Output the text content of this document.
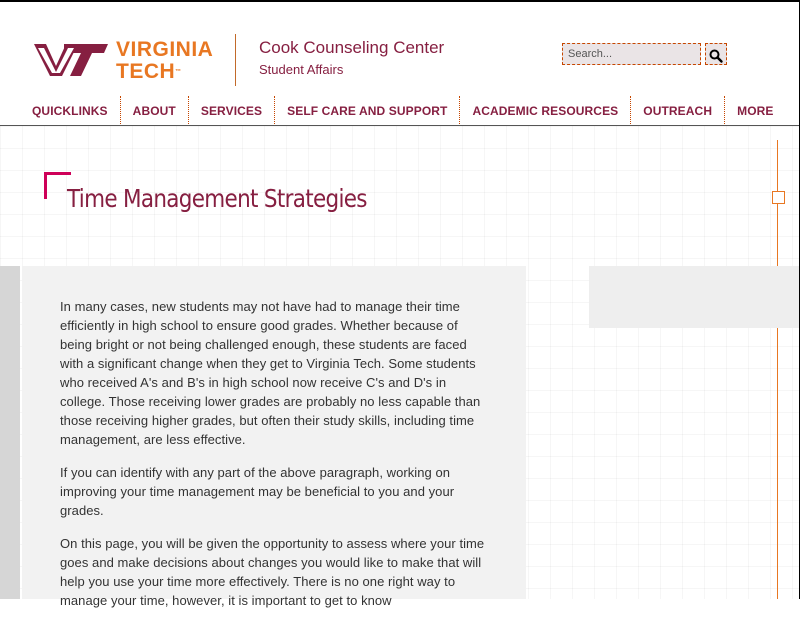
VIRGINIA
TECH™
Cook Counseling Center
Student Affairs
Search...
QUICKLINKS	ABOUT	SERVICES	SELF CARE AND SUPPORT	ACADEMIC RESOURCES	OUTREACH	MORE
Time Management Strategies

In many cases, new students may not have had to manage their time efficiently in high school to ensure good grades. Whether because of being bright or not being challenged enough, these students are faced with a significant change when they get to Virginia Tech. Some students who received A's and B's in high school now receive C's and D's in college. Those receiving lower grades are probably no less capable than those receiving higher grades, but often their study skills, including time management, are less effective.

If you can identify with any part of the above paragraph, working on improving your time management may be beneficial to you and your grades.

On this page, you will be given the opportunity to assess where your time goes and make decisions about changes you would like to make that will help you use your time more effectively. There is no one right way to manage your time, however, it is important to get to know
